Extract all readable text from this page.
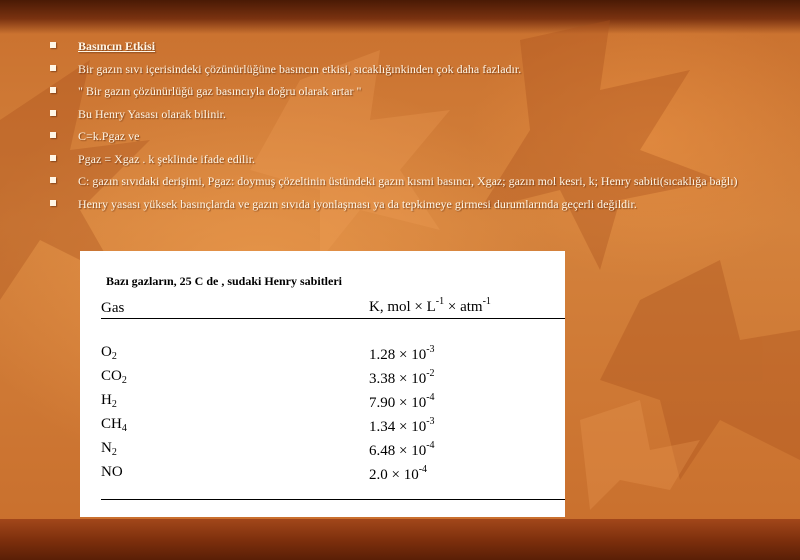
Basıncın Etkisi
Bir gazın sıvı içerisindeki çözünürlüğüne basıncın etkisi, sıcaklığınkinden çok daha fazladır.
" Bir gazın çözünürlüğü gaz basıncıyla doğru olarak artar "
Bu Henry Yasası olarak bilinir.
C=k.Pgaz ve
Pgaz = Xgaz . k şeklinde ifade edilir.
C: gazın sıvıdaki derişimi, Pgaz: doymuş çözeltinin üstündeki gazın kısmi basıncı, Xgaz; gazın mol kesri, k; Henry sabiti(sıcaklığa bağlı)
Henry yasası yüksek basınçlarda ve gazın sıvıda iyonlaşması ya da tepkimeye girmesi durumlarında geçerli değildir.
Bazı gazların, 25 C de , sudaki Henry sabitleri
Gas	K, mol × $L^{-1} \times atm^{-1}$
$O_2$	$1.28 \times 10^{-3}$
$CO_2$	$3.38 \times 10^{-2}$
$H_2$	$7.90 \times 10^{-4}$
$CH_4$	$1.34 \times 10^{-3}$
$N_2$	$6.48 \times 10^{-4}$
NO	$2.0 \times 10^{-4}$
